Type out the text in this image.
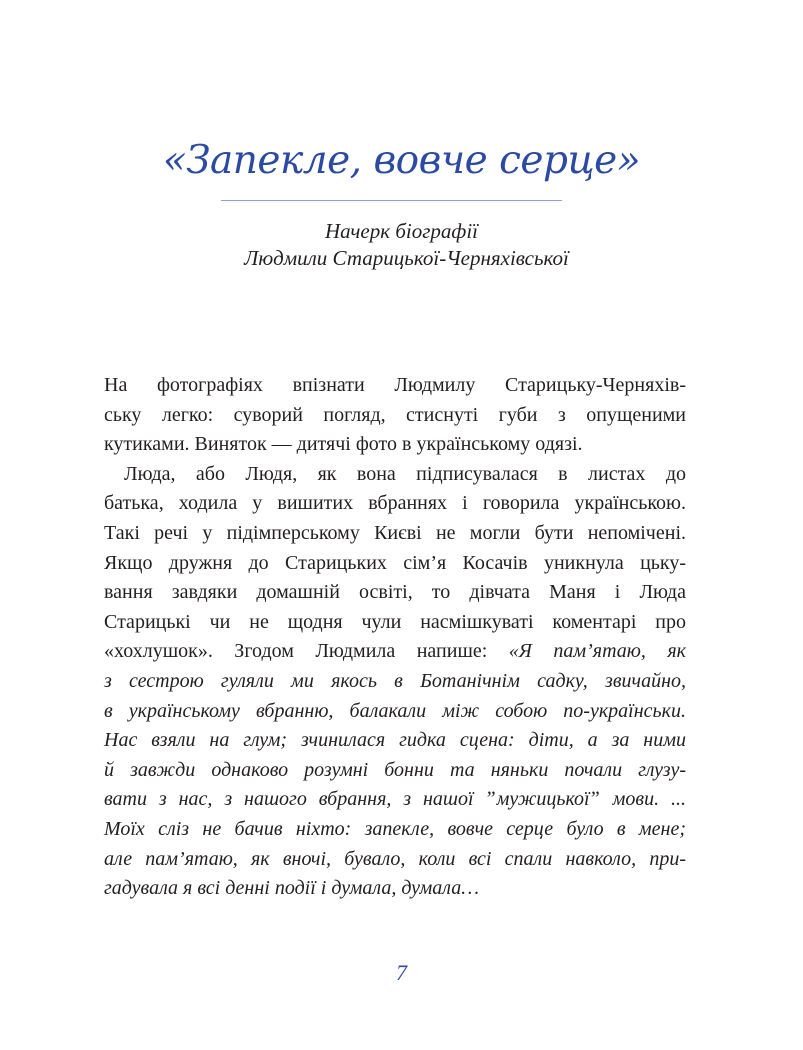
«Запекле, вовче серце»
Начерк біографії
Людмили Старицької-Черняхівської
На фотографіях впізнати Людмилу Старицьку-Черняхів-
ську легко: суворий погляд, стиснуті губи з опущеними
кутиками. Виняток — дитячі фото в українському одязі.
Люда, або Людя, як вона підписувалася в листах до
батька, ходила у вишитих вбраннях і говорила українською.
Такі речі у підімперському Києві не могли бути непомічені.
Якщо дружня до Старицьких сім’я Косачів уникнула цьку-
вання завдяки домашній освіті, то дівчата Маня і Люда
Старицькі чи не щодня чули насмішкуваті коментарі про
«хохлушок». Згодом Людмила напише: «Я пам’ятаю, як
з сестрою гуляли ми якось в Ботанічнім садку, звичайно,
в українському вбранню, балакали між собою по-українськи.
Нас взяли на глум; зчинилася гидка сцена: діти, а за ними
й завжди однаково розумні бонни та няньки почали глузу-
вати з нас, з нашого вбрання, з нашої ˮмужицькоїˮ мови. ...
Моїх сліз не бачив ніхто: запекле, вовче серце було в мене;
але пам’ятаю, як вночі, бувало, коли всі спали навколо, при-
гадувала я всі денні події і думала, думала…
7
